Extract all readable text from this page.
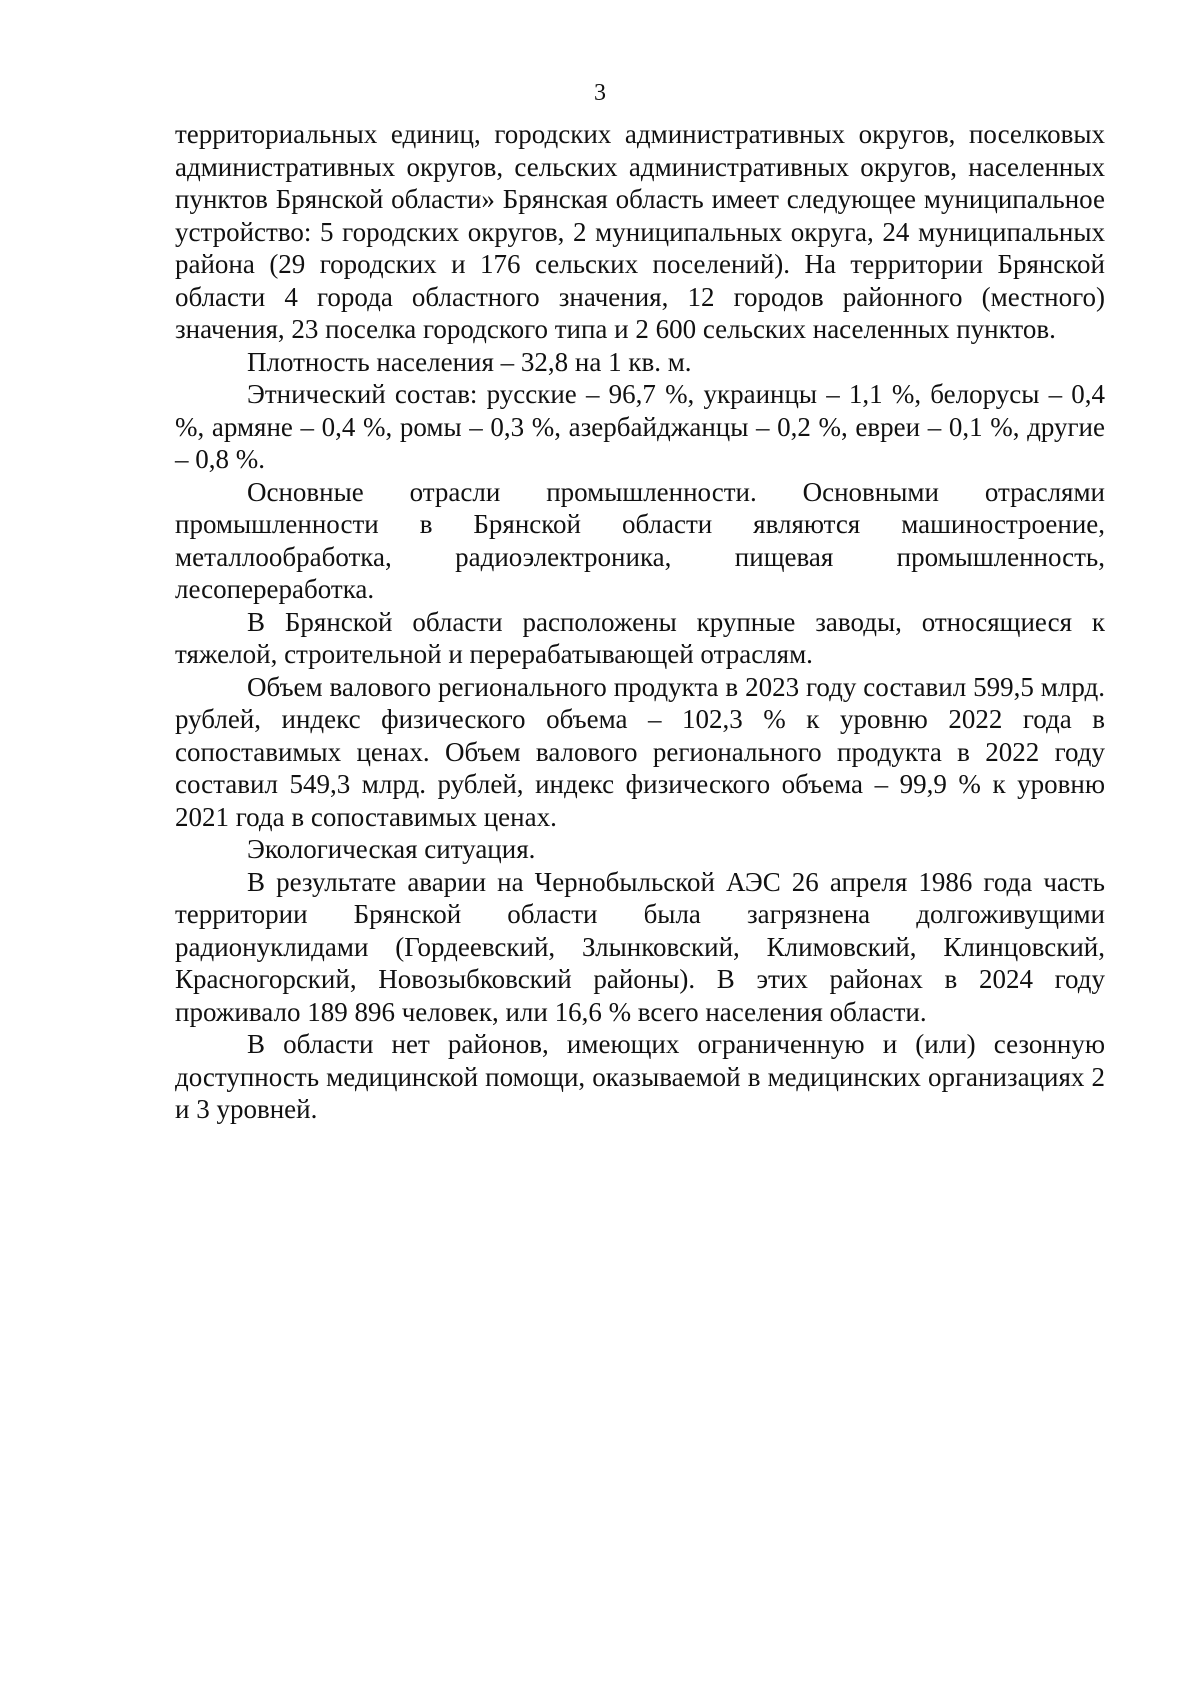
3

территориальных единиц, городских административных округов, поселковых административных округов, сельских административных округов, населенных пунктов Брянской области» Брянская область имеет следующее муниципальное устройство: 5 городских округов, 2 муниципальных округа, 24 муниципальных района (29 городских и 176 сельских поселений). На территории Брянской области 4 города областного значения, 12 городов районного (местного) значения, 23 поселка городского типа и 2 600 сельских населенных пунктов.

Плотность населения – 32,8 на 1 кв. м.

Этнический состав: русские – 96,7 %, украинцы – 1,1 %, белорусы – 0,4 %, армяне – 0,4 %, ромы – 0,3 %, азербайджанцы – 0,2 %, евреи – 0,1 %, другие – 0,8 %.

Основные отрасли промышленности. Основными отраслями промышленности в Брянской области являются машиностроение, металлообработка, радиоэлектроника, пищевая промышленность, лесопереработка.

В Брянской области расположены крупные заводы, относящиеся к тяжелой, строительной и перерабатывающей отраслям.

Объем валового регионального продукта в 2023 году составил 599,5 млрд. рублей, индекс физического объема – 102,3 % к уровню 2022 года в сопоставимых ценах. Объем валового регионального продукта в 2022 году составил 549,3 млрд. рублей, индекс физического объема – 99,9 % к уровню 2021 года в сопоставимых ценах.

Экологическая ситуация.

В результате аварии на Чернобыльской АЭС 26 апреля 1986 года часть территории Брянской области была загрязнена долгоживущими радионуклидами (Гордеевский, Злынковский, Климовский, Клинцовский, Красногорский, Новозыбковский районы). В этих районах в 2024 году проживало 189 896 человек, или 16,6 % всего населения области.

В области нет районов, имеющих ограниченную и (или) сезонную доступность медицинской помощи, оказываемой в медицинских организациях 2 и 3 уровней.
